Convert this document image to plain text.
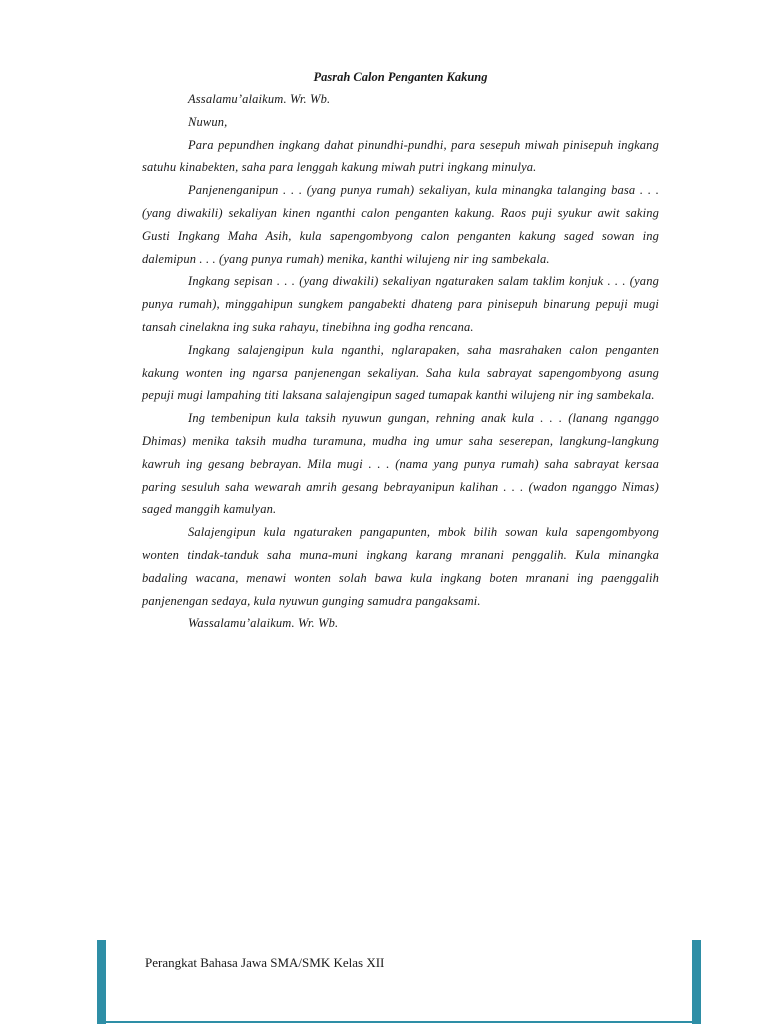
Pasrah Calon Penganten Kakung

Assalamu’alaikum. Wr. Wb.

Nuwun,

Para pepundhen ingkang dahat pinundhi-pundhi, para sesepuh miwah pinisepuh ingkang satuhu kinabekten, saha para lenggah kakung miwah putri ingkang minulya.

Panjenenganipun . . . (yang punya rumah) sekaliyan, kula minangka talanging basa . . . (yang diwakili) sekaliyan kinen nganthi calon penganten kakung. Raos puji syukur awit saking Gusti Ingkang Maha Asih, kula sapengombyong calon penganten kakung saged sowan ing dalemipun . . . (yang punya rumah) menika, kanthi wilujeng nir ing sambekala.

Ingkang sepisan . . . (yang diwakili) sekaliyan ngaturaken salam taklim konjuk . . . (yang punya rumah), minggahipun sungkem pangabekti dhateng para pinisepuh binarung pepuji mugi tansah cinelakna ing suka rahayu, tinebihna ing godha rencana.

Ingkang salajengipun kula nganthi, nglarapaken, saha masrahaken calon penganten kakung wonten ing ngarsa panjenengan sekaliyan. Saha kula sabrayat sapengombyong asung pepuji mugi lampahing titi laksana salajengipun saged tumapak kanthi wilujeng nir ing sambekala.

Ing tembenipun kula taksih nyuwun gungan, rehning anak kula . . . (lanang nganggo Dhimas) menika taksih mudha turamuna, mudha ing umur saha seserepan, langkung-langkung kawruh ing gesang bebrayan. Mila mugi . . . (nama yang punya rumah) saha sabrayat kersaa paring sesuluh saha wewarah amrih gesang bebrayanipun kalihan . . . (wadon nganggo Nimas) saged manggih kamulyan.

Salajengipun kula ngaturaken pangapunten, mbok bilih sowan kula sapengombyong wonten tindak-tanduk saha muna-muni ingkang karang mranani penggalih. Kula minangka badaling wacana, menawi wonten solah bawa kula ingkang boten mranani ing paenggalih panjenengan sedaya, kula nyuwun gunging samudra pangaksami.

Wassalamu’alaikum. Wr. Wb.

Perangkat Bahasa Jawa SMA/SMK Kelas XII
